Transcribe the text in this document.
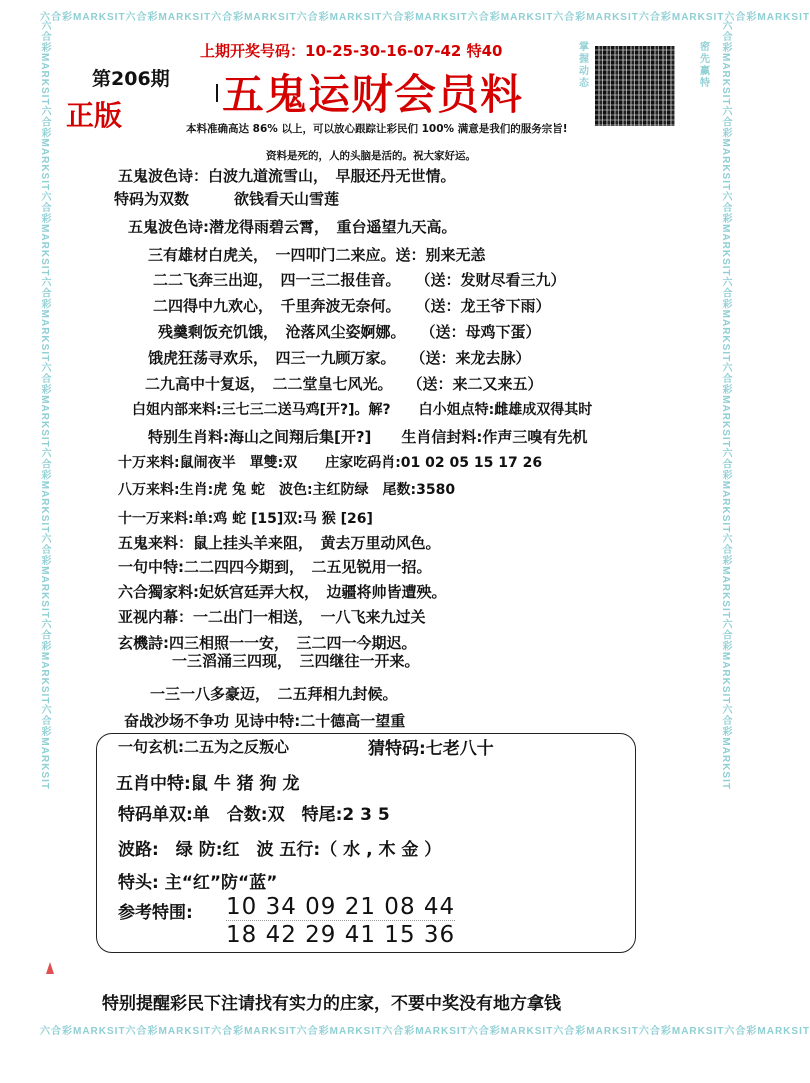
六合彩MARKSIT六合彩MARKSIT六合彩MARKSIT六合彩MARKSIT六合彩MARKSIT六合彩MARKSIT六合彩MARKSIT六合彩MARKSIT六合彩MARKSIT
六合彩MARKSIT六合彩MARKSIT六合彩MARKSIT六合彩MARKSIT六合彩MARKSIT六合彩MARKSIT六合彩MARKSIT六合彩MARKSIT六合彩MARKSIT
六合彩MARKSIT六合彩MARKSIT六合彩MARKSIT六合彩MARKSIT六合彩MARKSIT六合彩MARKSIT六合彩MARKSIT六合彩MARKSIT六合彩MARKSIT	六合彩MARKSIT六合彩MARKSIT六合彩MARKSIT六合彩MARKSIT六合彩MARKSIT六合彩MARKSIT六合彩MARKSIT六合彩MARKSIT六合彩MARKSIT
上期开奖号码：10-25-30-16-07-42 特40
第206期
正版 五鬼运财会员料
掌握动态
密先赢特
本料准确高达 86% 以上，可以放心跟踪让彩民们 100% 满意是我们的服务宗旨!
资料是死的，人的头脑是活的。祝大家好运。
五鬼波色诗：白波九道流雪山，　早服还丹无世情。
特码为双数　　　欲钱看天山雪莲
五鬼波色诗:潜龙得雨碧云霄，　重台遥望九天高。
三有雄材白虎关，　一四叩门二来应。送：别来无恙
二二飞奔三出迎，　四一三二报佳音。　　（送：发财尽看三九）
二四得中九欢心，　千里奔波无奈何。　　（送：龙王爷下雨）
残羹剩饭充饥饿，　沧落风尘姿婀娜。　　（送：母鸡下蛋）
饿虎狂荡寻欢乐，　四三一九顾万家。　　（送：来龙去脉）
二九高中十复返，　二二堂皇七风光。　　（送：来二又来五）
白姐内部来料:三七三二送马鸡[开?]。解?　　白小姐点特:雌雄成双得其时
特别生肖料:海山之间翔后集[开?]　　生肖信封料:作声三嗅有先机
十万来料:鼠闹夜半　單雙:双　　庄家吃码肖:01 02 05 15 17 26
八万来料:生肖:虎 兔 蛇　波色:主红防绿　尾数:3580
十一万来料:单:鸡 蛇 [15]双:马 猴 [26]
五鬼来料：鼠上挂头羊来阻，　黄去万里动风色。
一句中特:二二四四今期到，　二五见锐用一招。
六合獨家料:妃妖宫廷弄大权，　边疆将帅皆遭殃。
亚视内幕：一二出门一相送，　一八飞来九过关
玄機詩:四三相照一一安，　三二四一今期迟。
一三滔涌三四现，　三四继往一开来。
一三一八多豪迈，　二五拜相九封候。
奋战沙场不争功 见诗中特:二十德高一望重
一句玄机:二五为之反叛心	猜特码:七老八十
五肖中特:鼠 牛 猪 狗 龙
特码单双:单　合数:双　特尾:2 3 5
波路:　绿 防:红　波 五行:（ 水 , 木 金 ）
特头: 主“红”防“蓝”
参考特围: 10 34 09 21 08 44
18 42 29 41 15 36
特别提醒彩民下注请找有实力的庄家，不要中奖没有地方拿钱
